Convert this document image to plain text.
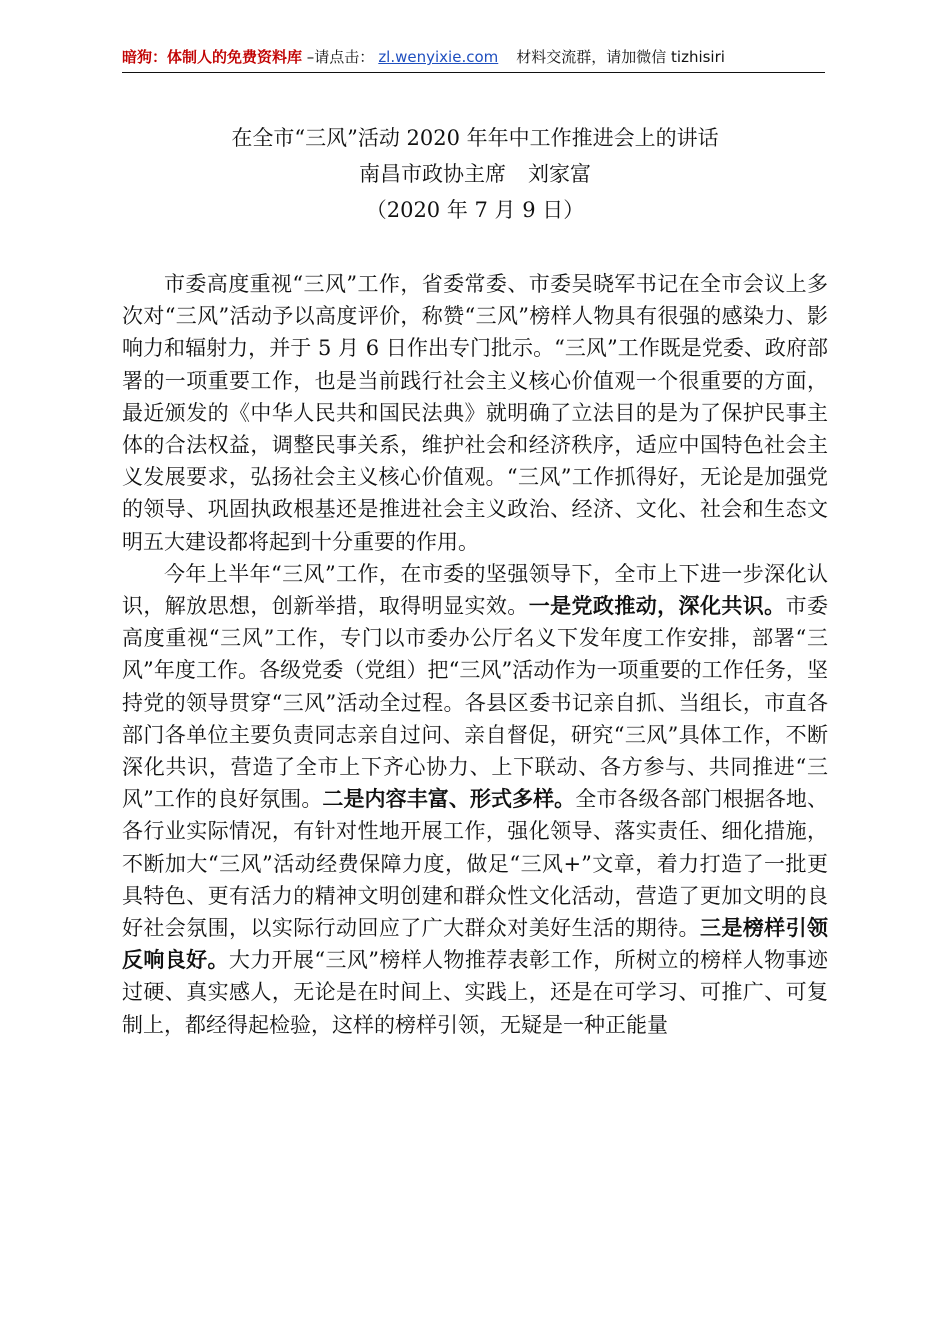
暗狗：体制人的免费资料库 –请点击： zl.wenyixie.com 材料交流群，请加微信 tizhisiri
在全市“三风”活动 2020 年年中工作推进会上的讲话
南昌市政协主席 刘家富
（2020 年 7 月 9 日）

市委高度重视“三风”工作，省委常委、市委吴晓军书记在全市会议上多次对“三风”活动予以高度评价，称赞“三风”榜样人物具有很强的感染力、影响力和辐射力，并于 5 月 6 日作出专门批示。“三风”工作既是党委、政府部署的一项重要工作，也是当前践行社会主义核心价值观一个很重要的方面，最近颁发的《中华人民共和国民法典》就明确了立法目的是为了保护民事主体的合法权益，调整民事关系，维护社会和经济秩序，适应中国特色社会主义发展要求，弘扬社会主义核心价值观。“三风”工作抓得好，无论是加强党的领导、巩固执政根基还是推进社会主义政治、经济、文化、社会和生态文明五大建设都将起到十分重要的作用。

今年上半年“三风”工作，在市委的坚强领导下，全市上下进一步深化认识，解放思想，创新举措，取得明显实效。一是党政推动，深化共识。市委高度重视“三风”工作，专门以市委办公厅名义下发年度工作安排，部署“三风”年度工作。各级党委（党组）把“三风”活动作为一项重要的工作任务，坚持党的领导贯穿“三风”活动全过程。各县区委书记亲自抓、当组长，市直各部门各单位主要负责同志亲自过问、亲自督促，研究“三风”具体工作，不断深化共识，营造了全市上下齐心协力、上下联动、各方参与、共同推进“三风”工作的良好氛围。二是内容丰富、形式多样。全市各级各部门根据各地、各行业实际情况，有针对性地开展工作，强化领导、落实责任、细化措施，不断加大“三风”活动经费保障力度，做足“三风+”文章，着力打造了一批更具特色、更有活力的精神文明创建和群众性文化活动，营造了更加文明的良好社会氛围，以实际行动回应了广大群众对美好生活的期待。三是榜样引领反响良好。大力开展“三风”榜样人物推荐表彰工作，所树立的榜样人物事迹过硬、真实感人，无论是在时间上、实践上，还是在可学习、可推广、可复制上，都经得起检验，这样的榜样引领，无疑是一种正能量
